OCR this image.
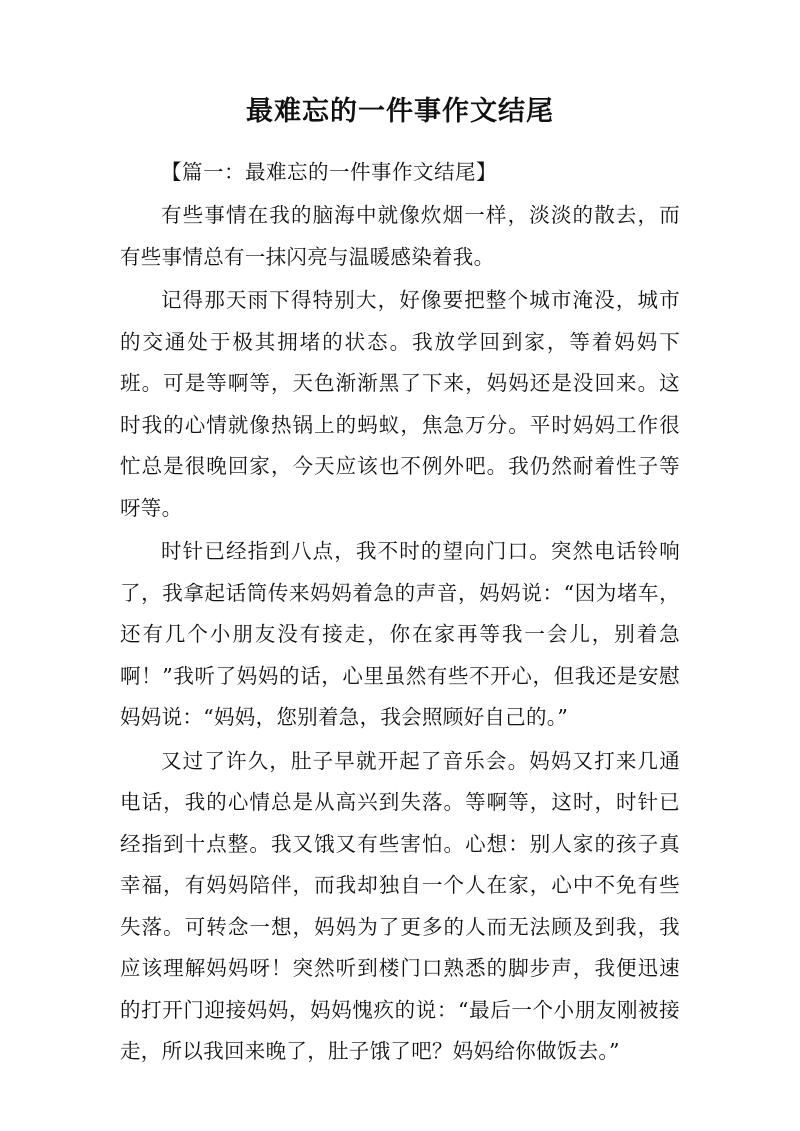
最难忘的一件事作文结尾

【篇一：最难忘的一件事作文结尾】

有些事情在我的脑海中就像炊烟一样，淡淡的散去，而有些事情总有一抹闪亮与温暖感染着我。

记得那天雨下得特别大，好像要把整个城市淹没，城市的交通处于极其拥堵的状态。我放学回到家，等着妈妈下班。可是等啊等，天色渐渐黑了下来，妈妈还是没回来。这时我的心情就像热锅上的蚂蚁，焦急万分。平时妈妈工作很忙总是很晚回家，今天应该也不例外吧。我仍然耐着性子等呀等。

时针已经指到八点，我不时的望向门口。突然电话铃响了，我拿起话筒传来妈妈着急的声音，妈妈说：“因为堵车，还有几个小朋友没有接走，你在家再等我一会儿，别着急啊！”我听了妈妈的话，心里虽然有些不开心，但我还是安慰妈妈说：“妈妈，您别着急，我会照顾好自己的。”

又过了许久，肚子早就开起了音乐会。妈妈又打来几通电话，我的心情总是从高兴到失落。等啊等，这时，时针已经指到十点整。我又饿又有些害怕。心想：别人家的孩子真幸福，有妈妈陪伴，而我却独自一个人在家，心中不免有些失落。可转念一想，妈妈为了更多的人而无法顾及到我，我应该理解妈妈呀！突然听到楼门口熟悉的脚步声，我便迅速的打开门迎接妈妈，妈妈愧疚的说：“最后一个小朋友刚被接走，所以我回来晚了，肚子饿了吧？妈妈给你做饭去。”
